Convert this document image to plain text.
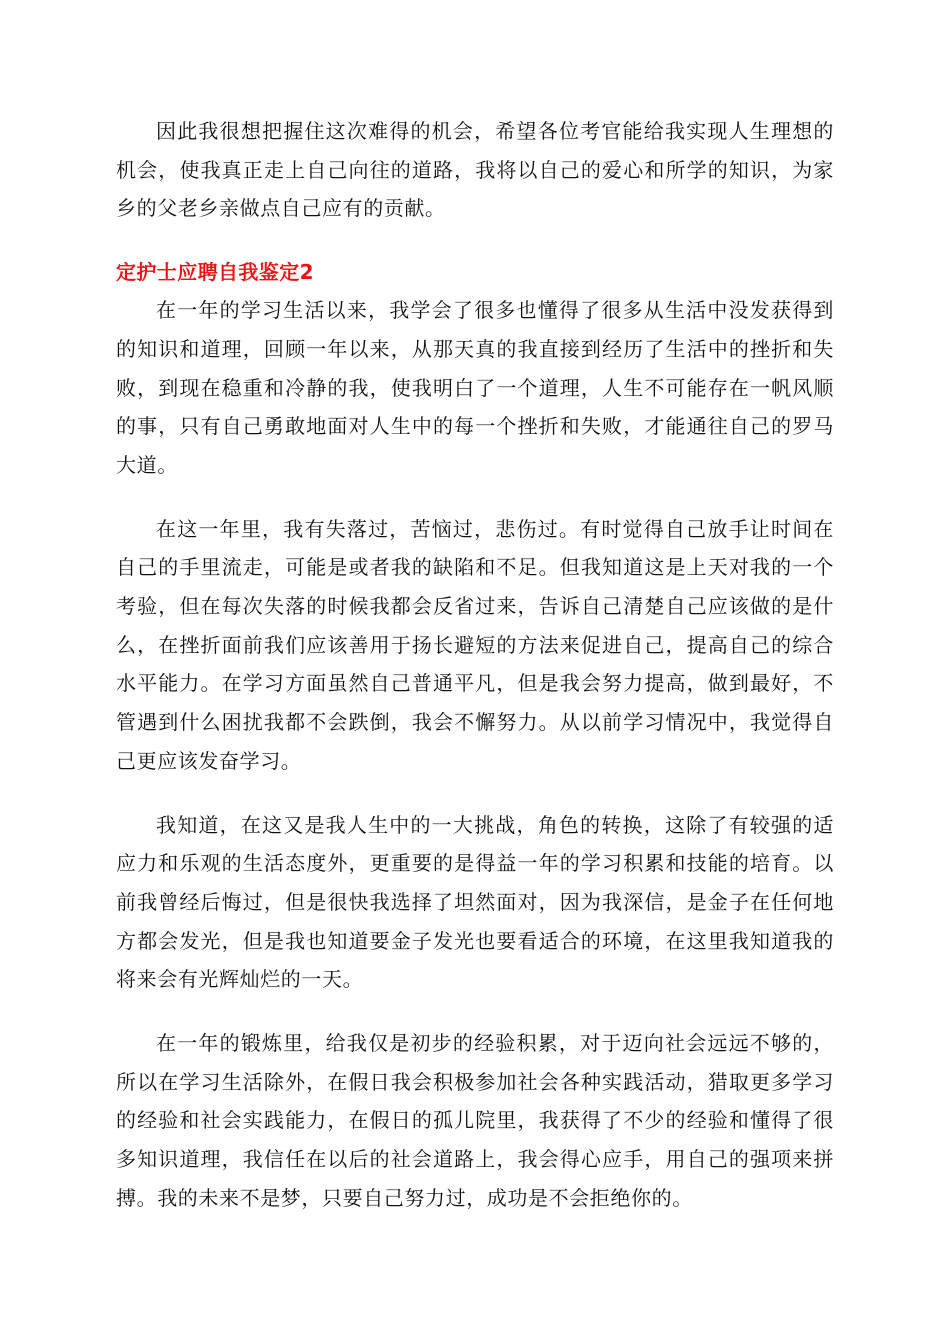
因此我很想把握住这次难得的机会，希望各位考官能给我实现人生理想的机会，使我真正走上自己向往的道路，我将以自己的爱心和所学的知识，为家乡的父老乡亲做点自己应有的贡献。

定护士应聘自我鉴定2

在一年的学习生活以来，我学会了很多也懂得了很多从生活中没发获得到的知识和道理，回顾一年以来，从那天真的我直接到经历了生活中的挫折和失败，到现在稳重和冷静的我，使我明白了一个道理，人生不可能存在一帆风顺的事，只有自己勇敢地面对人生中的每一个挫折和失败，才能通往自己的罗马大道。

在这一年里，我有失落过，苦恼过，悲伤过。有时觉得自己放手让时间在自己的手里流走，可能是或者我的缺陷和不足。但我知道这是上天对我的一个考验，但在每次失落的时候我都会反省过来，告诉自己清楚自己应该做的是什么，在挫折面前我们应该善用于扬长避短的方法来促进自己，提高自己的综合水平能力。在学习方面虽然自己普通平凡，但是我会努力提高，做到最好，不管遇到什么困扰我都不会跌倒，我会不懈努力。从以前学习情况中，我觉得自己更应该发奋学习。

我知道，在这又是我人生中的一大挑战，角色的转换，这除了有较强的适应力和乐观的生活态度外，更重要的是得益一年的学习积累和技能的培育。以前我曾经后悔过，但是很快我选择了坦然面对，因为我深信，是金子在任何地方都会发光，但是我也知道要金子发光也要看适合的环境，在这里我知道我的将来会有光辉灿烂的一天。

在一年的锻炼里，给我仅是初步的经验积累，对于迈向社会远远不够的，所以在学习生活除外，在假日我会积极参加社会各种实践活动，猎取更多学习的经验和社会实践能力，在假日的孤儿院里，我获得了不少的经验和懂得了很多知识道理，我信任在以后的社会道路上，我会得心应手，用自己的强项来拼搏。我的未来不是梦，只要自己努力过，成功是不会拒绝你的。
